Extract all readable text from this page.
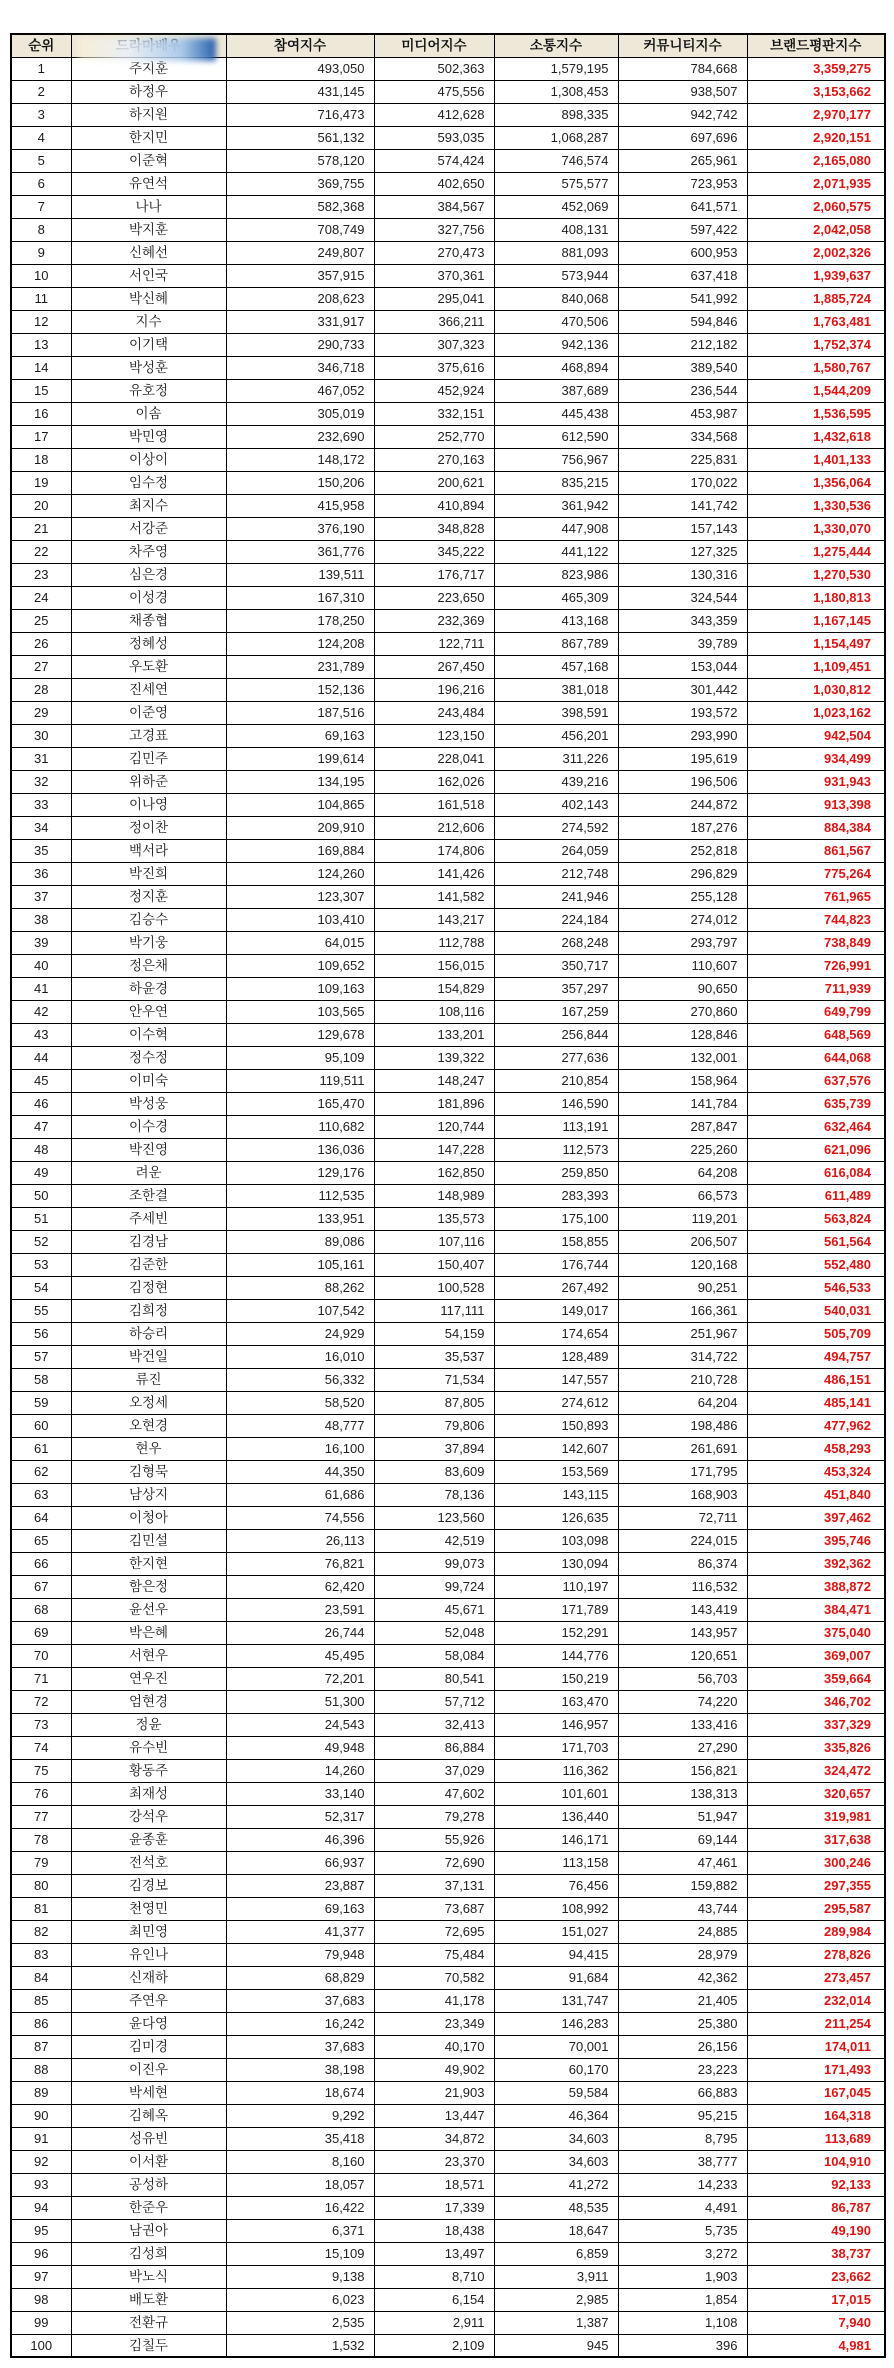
순위		참여지수	미디어지수	소통지수	커뮤니티지수	브랜드평판지수
1	주지훈	493,050	502,363	1,579,195	784,668	3,359,275
2	하정우	431,145	475,556	1,308,453	938,507	3,153,662
3	하지원	716,473	412,628	898,335	942,742	2,970,177
4	한지민	561,132	593,035	1,068,287	697,696	2,920,151
5	이준혁	578,120	574,424	746,574	265,961	2,165,080
6	유연석	369,755	402,650	575,577	723,953	2,071,935
7	나나	582,368	384,567	452,069	641,571	2,060,575
8	박지훈	708,749	327,756	408,131	597,422	2,042,058
9	신혜선	249,807	270,473	881,093	600,953	2,002,326
10	서인국	357,915	370,361	573,944	637,418	1,939,637
11	박신혜	208,623	295,041	840,068	541,992	1,885,724
12	지수	331,917	366,211	470,506	594,846	1,763,481
13	이기택	290,733	307,323	942,136	212,182	1,752,374
14	박성훈	346,718	375,616	468,894	389,540	1,580,767
15	유호정	467,052	452,924	387,689	236,544	1,544,209
16	이솜	305,019	332,151	445,438	453,987	1,536,595
17	박민영	232,690	252,770	612,590	334,568	1,432,618
18	이상이	148,172	270,163	756,967	225,831	1,401,133
19	임수정	150,206	200,621	835,215	170,022	1,356,064
20	최지수	415,958	410,894	361,942	141,742	1,330,536
21	서강준	376,190	348,828	447,908	157,143	1,330,070
22	차주영	361,776	345,222	441,122	127,325	1,275,444
23	심은경	139,511	176,717	823,986	130,316	1,270,530
24	이성경	167,310	223,650	465,309	324,544	1,180,813
25	채종협	178,250	232,369	413,168	343,359	1,167,145
26	정혜성	124,208	122,711	867,789	39,789	1,154,497
27	우도환	231,789	267,450	457,168	153,044	1,109,451
28	진세연	152,136	196,216	381,018	301,442	1,030,812
29	이준영	187,516	243,484	398,591	193,572	1,023,162
30	고경표	69,163	123,150	456,201	293,990	942,504
31	김민주	199,614	228,041	311,226	195,619	934,499
32	위하준	134,195	162,026	439,216	196,506	931,943
33	이나영	104,865	161,518	402,143	244,872	913,398
34	정이찬	209,910	212,606	274,592	187,276	884,384
35	백서라	169,884	174,806	264,059	252,818	861,567
36	박진희	124,260	141,426	212,748	296,829	775,264
37	정지훈	123,307	141,582	241,946	255,128	761,965
38	김승수	103,410	143,217	224,184	274,012	744,823
39	박기웅	64,015	112,788	268,248	293,797	738,849
40	정은채	109,652	156,015	350,717	110,607	726,991
41	하윤경	109,163	154,829	357,297	90,650	711,939
42	안우연	103,565	108,116	167,259	270,860	649,799
43	이수혁	129,678	133,201	256,844	128,846	648,569
44	정수정	95,109	139,322	277,636	132,001	644,068
45	이미숙	119,511	148,247	210,854	158,964	637,576
46	박성웅	165,470	181,896	146,590	141,784	635,739
47	이수경	110,682	120,744	113,191	287,847	632,464
48	박진영	136,036	147,228	112,573	225,260	621,096
49	려운	129,176	162,850	259,850	64,208	616,084
50	조한결	112,535	148,989	283,393	66,573	611,489
51	주세빈	133,951	135,573	175,100	119,201	563,824
52	김경남	89,086	107,116	158,855	206,507	561,564
53	김준한	105,161	150,407	176,744	120,168	552,480
54	김정현	88,262	100,528	267,492	90,251	546,533
55	김희정	107,542	117,111	149,017	166,361	540,031
56	하승리	24,929	54,159	174,654	251,967	505,709
57	박건일	16,010	35,537	128,489	314,722	494,757
58	류진	56,332	71,534	147,557	210,728	486,151
59	오정세	58,520	87,805	274,612	64,204	485,141
60	오현경	48,777	79,806	150,893	198,486	477,962
61	현우	16,100	37,894	142,607	261,691	458,293
62	김형묵	44,350	83,609	153,569	171,795	453,324
63	남상지	61,686	78,136	143,115	168,903	451,840
64	이청아	74,556	123,560	126,635	72,711	397,462
65	김민설	26,113	42,519	103,098	224,015	395,746
66	한지현	76,821	99,073	130,094	86,374	392,362
67	함은정	62,420	99,724	110,197	116,532	388,872
68	윤선우	23,591	45,671	171,789	143,419	384,471
69	박은혜	26,744	52,048	152,291	143,957	375,040
70	서현우	45,495	58,084	144,776	120,651	369,007
71	연우진	72,201	80,541	150,219	56,703	359,664
72	엄현경	51,300	57,712	163,470	74,220	346,702
73	정윤	24,543	32,413	146,957	133,416	337,329
74	유수빈	49,948	86,884	171,703	27,290	335,826
75	황동주	14,260	37,029	116,362	156,821	324,472
76	최재성	33,140	47,602	101,601	138,313	320,657
77	강석우	52,317	79,278	136,440	51,947	319,981
78	윤종훈	46,396	55,926	146,171	69,144	317,638
79	전석호	66,937	72,690	113,158	47,461	300,246
80	김경보	23,887	37,131	76,456	159,882	297,355
81	천영민	69,163	73,687	108,992	43,744	295,587
82	최민영	41,377	72,695	151,027	24,885	289,984
83	유인나	79,948	75,484	94,415	28,979	278,826
84	신재하	68,829	70,582	91,684	42,362	273,457
85	주연우	37,683	41,178	131,747	21,405	232,014
86	윤다영	16,242	23,349	146,283	25,380	211,254
87	김미경	37,683	40,170	70,001	26,156	174,011
88	이진우	38,198	49,902	60,170	23,223	171,493
89	박세현	18,674	21,903	59,584	66,883	167,045
90	김혜옥	9,292	13,447	46,364	95,215	164,318
91	성유빈	35,418	34,872	34,603	8,795	113,689
92	이서환	8,160	23,370	34,603	38,777	104,910
93	공성하	18,057	18,571	41,272	14,233	92,133
94	한준우	16,422	17,339	48,535	4,491	86,787
95	남권아	6,371	18,438	18,647	5,735	49,190
96	김성희	15,109	13,497	6,859	3,272	38,737
97	박노식	9,138	8,710	3,911	1,903	23,662
98	배도환	6,023	6,154	2,985	1,854	17,015
99	전환규	2,535	2,911	1,387	1,108	7,940
100	김칠두	1,532	2,109	945	396	4,981
